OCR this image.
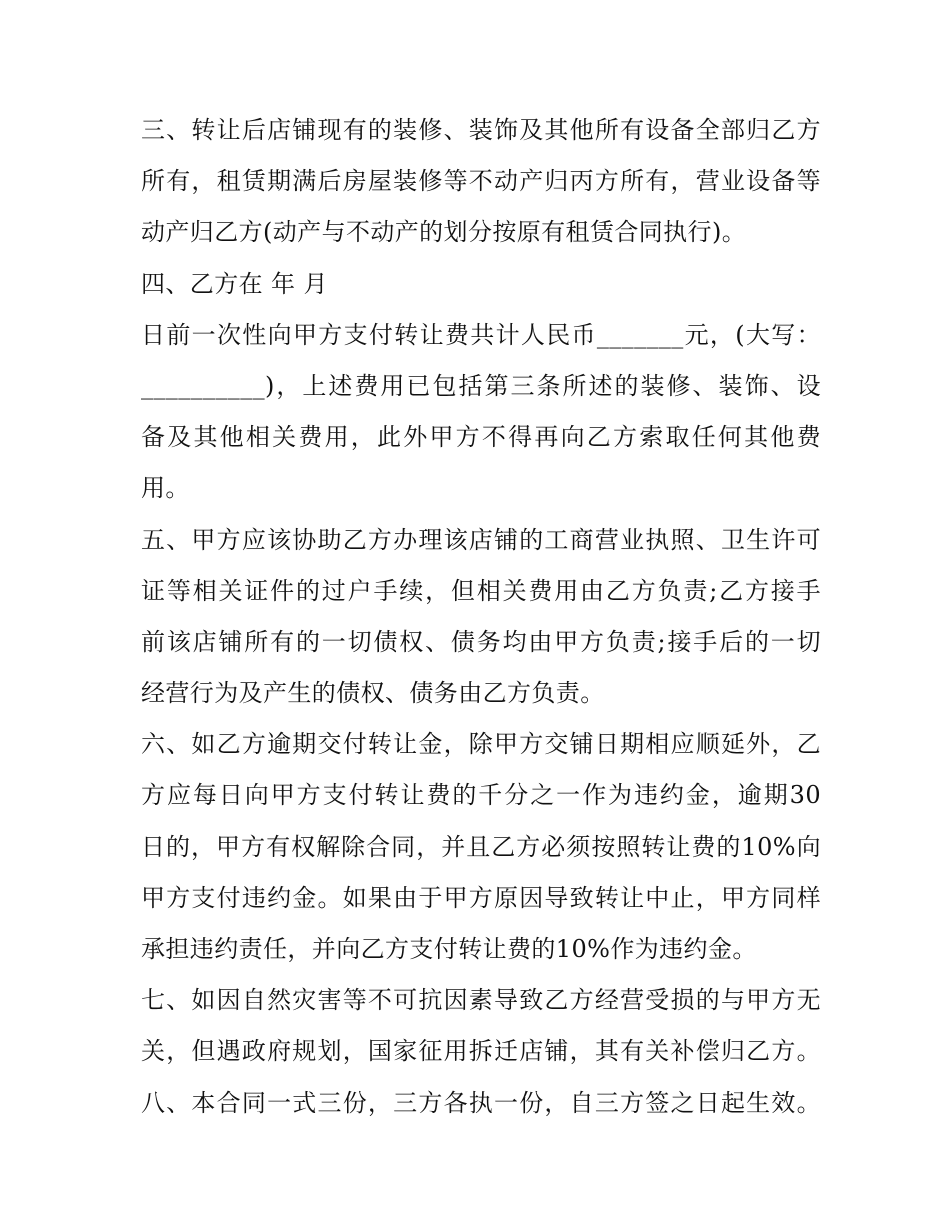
三、转让后店铺现有的装修、装饰及其他所有设备全部归乙方
所有，租赁期满后房屋装修等不动产归丙方所有，营业设备等
动产归乙方(动产与不动产的划分按原有租赁合同执行)。
四、乙方在 年 月
日前一次性向甲方支付转让费共计人民币_______元，(大写：
__________)，上述费用已包括第三条所述的装修、装饰、设
备及其他相关费用，此外甲方不得再向乙方索取任何其他费
用。
五、甲方应该协助乙方办理该店铺的工商营业执照、卫生许可
证等相关证件的过户手续，但相关费用由乙方负责;乙方接手
前该店铺所有的一切债权、债务均由甲方负责;接手后的一切
经营行为及产生的债权、债务由乙方负责。
六、如乙方逾期交付转让金，除甲方交铺日期相应顺延外，乙
方应每日向甲方支付转让费的千分之一作为违约金，逾期30
日的，甲方有权解除合同，并且乙方必须按照转让费的10%向
甲方支付违约金。如果由于甲方原因导致转让中止，甲方同样
承担违约责任，并向乙方支付转让费的10%作为违约金。
七、如因自然灾害等不可抗因素导致乙方经营受损的与甲方无
关，但遇政府规划，国家征用拆迁店铺，其有关补偿归乙方。
八、本合同一式三份，三方各执一份，自三方签之日起生效。
